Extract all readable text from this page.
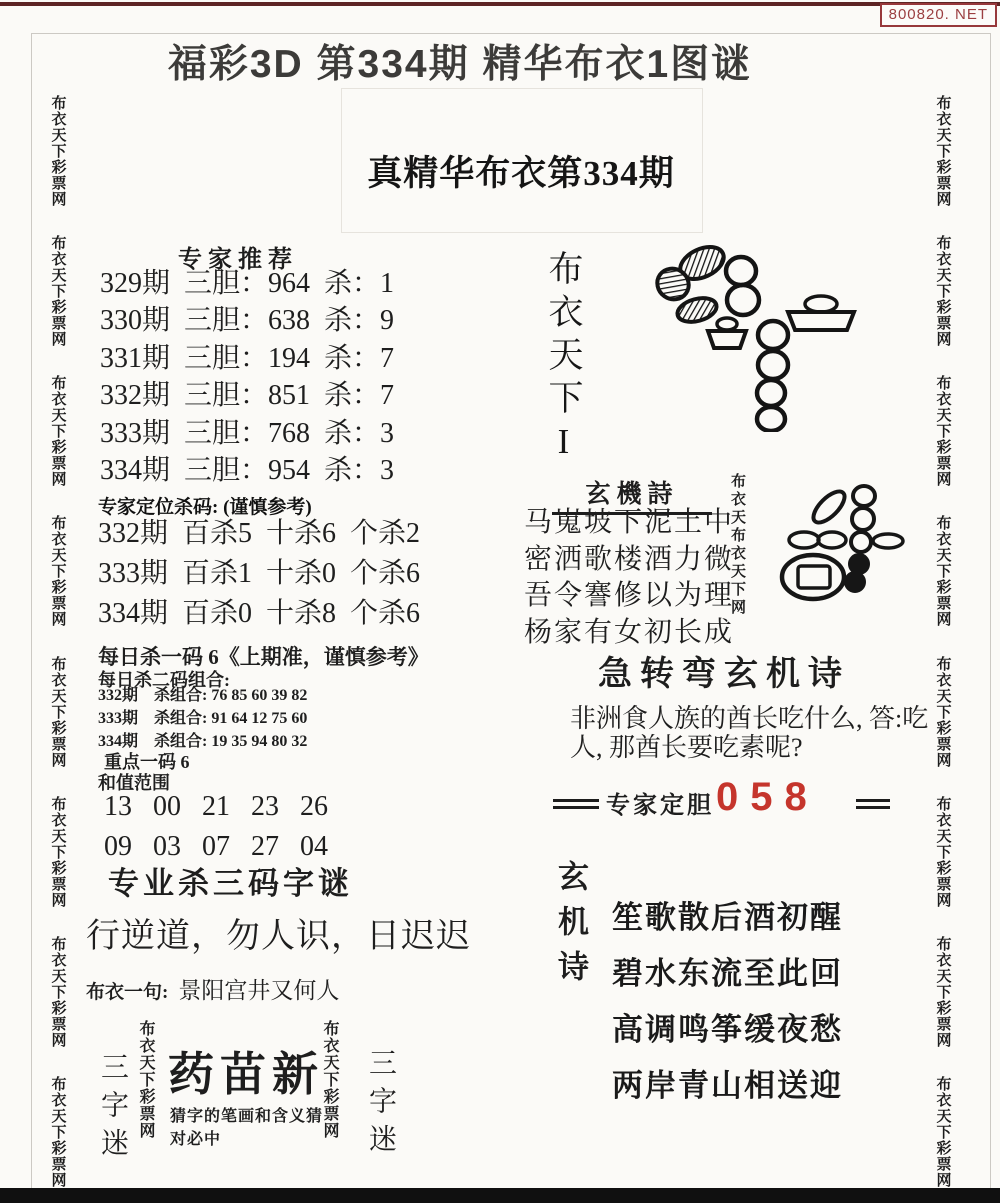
800820. NET
福彩3D 第334期 精华布衣1图谜
布衣天下彩票网
布衣天下彩票网
布衣天下彩票网
布衣天下彩票网
布衣天下彩票网
布衣天下彩票网
布衣天下彩票网
布衣天下彩票网
布衣天下彩票网
布衣天下彩票网
布衣天下彩票网
布衣天下彩票网
布衣天下彩票网
布衣天下彩票网
布衣天下彩票网
布衣天下彩票网
真精华布衣第334期
专家推荐
329期  三胆：964  杀：1
330期  三胆：638  杀：9
331期  三胆：194  杀：7
332期  三胆：851  杀：7
333期  三胆：768  杀：3
334期  三胆：954  杀：3
专家定位杀码: (谨慎参考)
332期  百杀5  十杀6  个杀2
333期  百杀1  十杀0  个杀6
334期  百杀0  十杀8  个杀6
每日杀一码 6《上期准，谨慎参考》
每日杀二码组合:
332期    杀组合: 76 85 60 39 82
333期    杀组合: 91 64 12 75 60
334期    杀组合: 19 35 94 80 32
重点一码 6
和值范围
13 00 21 23 26
09 03 07 27 04
专业杀三码字谜
行逆道，勿人识，日迟迟
布衣一句: 景阳宫井又何人
三字迷 布衣天下彩票网 药苗新
猜字的笔画和含义猜
对必中
布衣天下彩票网 三字迷
布衣天下I
玄機詩
马嵬坡下泥土中
密洒歌楼酒力微
吾令謇修以为理
杨家有女初长成
布衣天布衣天下网
急转弯玄机诗
非洲食人族的酋长吃什么, 答:吃
人, 那酋长要吃素呢?
专家定胆 058
玄机诗 笙歌散后酒初醒
碧水东流至此回
高调鸣筝缓夜愁
两岸青山相送迎
